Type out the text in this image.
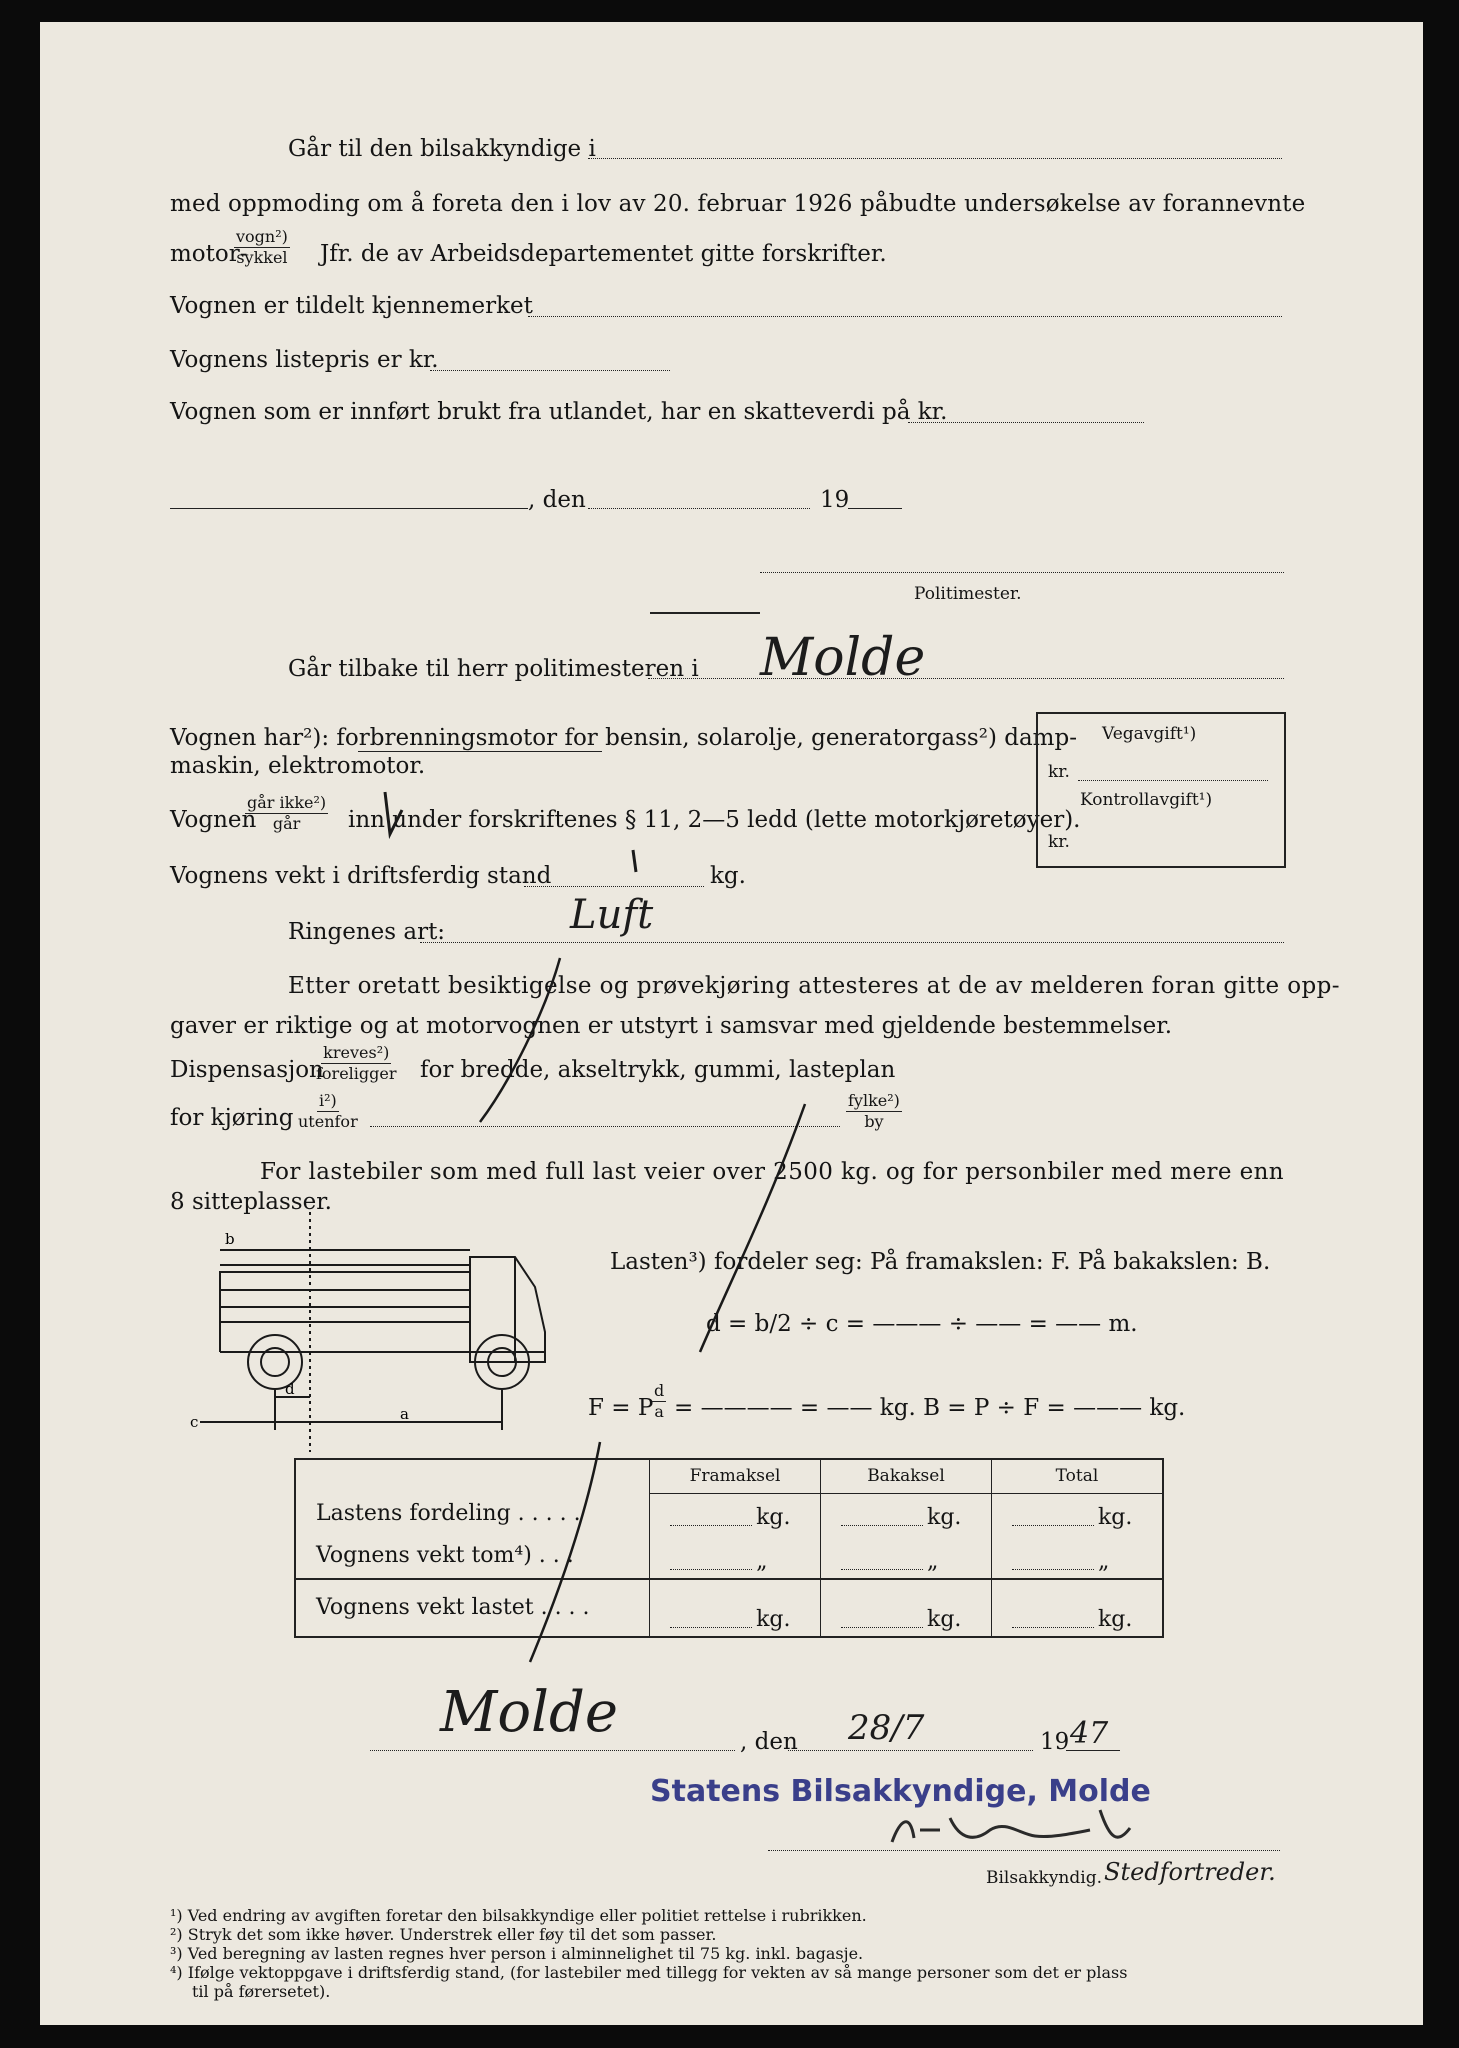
Går til den bilsakkyndige i
med oppmoding om å foreta den i lov av 20. februar 1926 påbudte undersøkelse av forannevnte
motor-
vogn²)
sykkel Jfr. de av Arbeidsdepartementet gitte forskrifter.
Vognen er tildelt kjennemerket
Vognens listepris er kr.
Vognen som er innført brukt fra utlandet, har en skatteverdi på kr.
, den	19
Politimester.
Går tilbake til herr politimesteren i Molde
Vognen har²): forbrenningsmotor for bensin, solarolje, generatorgass²) damp-
maskin, elektromotor.
Vognen
går ikke²)
går inn under forskriftenes § 11, 2—5 ledd (lette motorkjøretøyer).
Vognens vekt i driftsferdig stand	kg.
Ringenes art:	Luft
Vegavgift¹)
kr.
Kontrollavgift¹)
kr.
Etter oretatt besiktigelse og prøvekjøring attesteres at de av melderen foran gitte opp-
gaver er riktige og at motorvognen er utstyrt i samsvar med gjeldende bestemmelser.
Dispensasjon
kreves²)
foreligger for bredde, akseltrykk, gummi, lasteplan
for kjøring
i²)
utenfor
fylke²)
by
For lastebiler som med full last veier over 2500 kg. og for personbiler med mere enn
8 sitteplasser.
b
c
d
a
Lasten³) fordeler seg: På framakslen: F. På bakakslen: B.
d = b/2 ÷ c = ——— ÷ —— = —— m.
F = P
$\frac{d}{a}$ = ———— = —— kg. B = P ÷ F = ——— kg.
	Framaksel	Bakaksel	Total
Lastens fordeling . . . . .	kg.	kg.	kg.

Vognens vekt tom⁴) . . .	„	„	„

Vognens vekt lastet . . . .	kg.	kg.	kg.
Molde	, den 28/7	19 47
Statens Bilsakkyndige, Molde
Bilsakkyndig. Stedfortreder.
¹) Ved endring av avgiften foretar den bilsakkyndige eller politiet rettelse i rubrikken.
²) Stryk det som ikke høver. Understrek eller føy til det som passer.
³) Ved beregning av lasten regnes hver person i alminnelighet til 75 kg. inkl. bagasje.
⁴) Ifølge vektoppgave i driftsferdig stand, (for lastebiler med tillegg for vekten av så mange personer som det er plass
til på førersetet).
